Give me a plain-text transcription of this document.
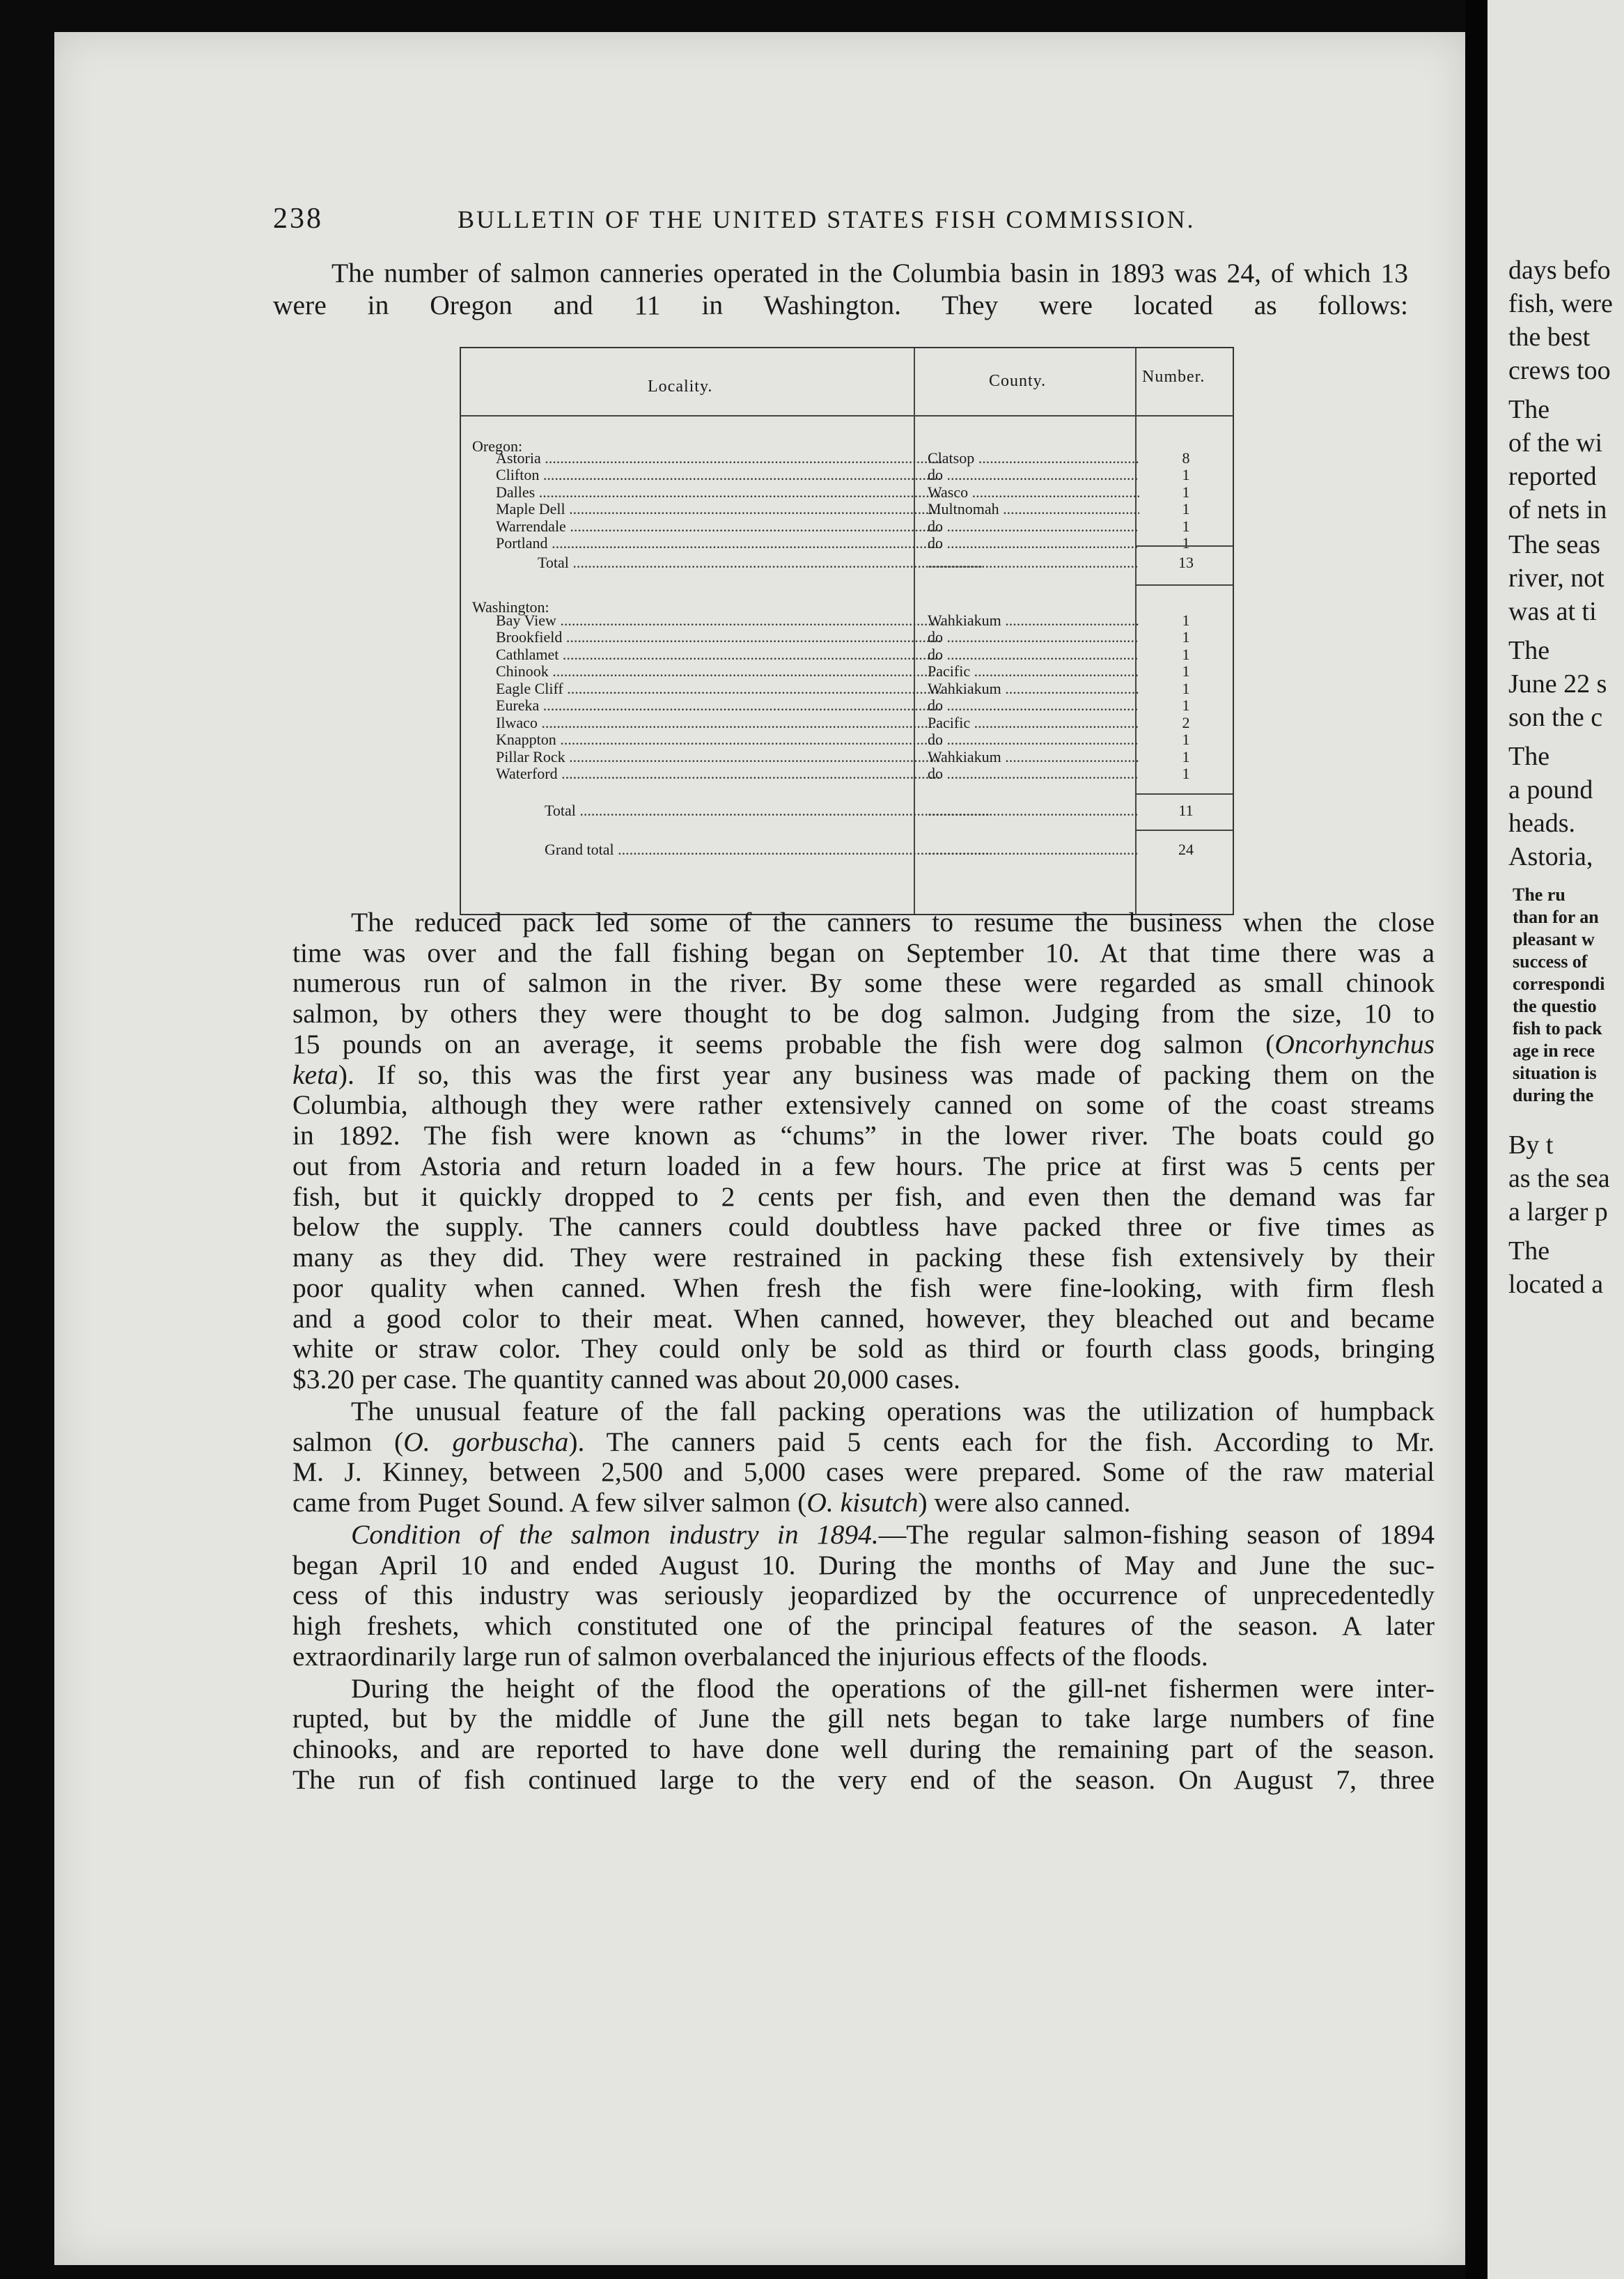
238	BULLETIN OF THE UNITED STATES FISH COMMISSION.
The number of salmon canneries operated in the Columbia basin in 1893 was 24, of which 13 were in Oregon and 11 in Washington. They were located as follows:
Locality.	County.	Number.
Oregon:
Astoria .....	Clatsop .....	8
Clifton .....	do .....	1
Dalles .....	Wasco .....	1
Maple Dell .....	Multnomah .....	1
Warrendale .....	do .....	1
Portland .....	do .....	1
Total ..... .....	13
Washington:
Bay View .....	Wahkiakum .....	1
Brookfield .....	do .....	1
Cathlamet .....	do .....	1
Chinook .....	Pacific .....	1
Eagle Cliff .....	Wahkiakum .....	1
Eureka .....	do .....	1
Ilwaco .....	Pacific .....	2
Knappton .....	do .....	1
Pillar Rock .....	Wahkiakum .....	1
Waterford .....	do .....	1
Total ..... .....	11
Grand total ..... .....	24
The reduced pack led some of the canners to resume the business when the close
time was over and the fall fishing began on September 10. At that time there was a
numerous run of salmon in the river. By some these were regarded as small chinook
salmon, by others they were thought to be dog salmon. Judging from the size, 10 to
15 pounds on an average, it seems probable the fish were dog salmon (Oncorhynchus
keta). If so, this was the first year any business was made of packing them on the
Columbia, although they were rather extensively canned on some of the coast streams
in 1892. The fish were known as “chums” in the lower river. The boats could go
out from Astoria and return loaded in a few hours. The price at first was 5 cents per
fish, but it quickly dropped to 2 cents per fish, and even then the demand was far
below the supply. The canners could doubtless have packed three or five times as
many as they did. They were restrained in packing these fish extensively by their
poor quality when canned. When fresh the fish were fine-looking, with firm flesh
and a good color to their meat. When canned, however, they bleached out and became
white or straw color. They could only be sold as third or fourth class goods, bringing
$3.20 per case. The quantity canned was about 20,000 cases.
The unusual feature of the fall packing operations was the utilization of humpback
salmon (O. gorbuscha). The canners paid 5 cents each for the fish. According to Mr.
M. J. Kinney, between 2,500 and 5,000 cases were prepared. Some of the raw material
came from Puget Sound. A few silver salmon (O. kisutch) were also canned.
Condition of the salmon industry in 1894.—The regular salmon-fishing season of 1894
began April 10 and ended August 10. During the months of May and June the suc-
cess of this industry was seriously jeopardized by the occurrence of unprecedentedly
high freshets, which constituted one of the principal features of the season. A later
extraordinarily large run of salmon overbalanced the injurious effects of the floods.
During the height of the flood the operations of the gill-net fishermen were inter-
rupted, but by the middle of June the gill nets began to take large numbers of fine
chinooks, and are reported to have done well during the remaining part of the season.
The run of fish continued large to the very end of the season. On August 7, three
days befo
fish, were
the best
crews too
The
of the wi
reported
of nets in
The seas
river, not
was at ti
The
June 22 s
son the c
The
a pound
heads.
Astoria,
The ru
than for an
pleasant w
success of
correspondi
the questio
fish to pack
age in rece
situation is
during the
By t
as the sea
a larger p
The
located a
